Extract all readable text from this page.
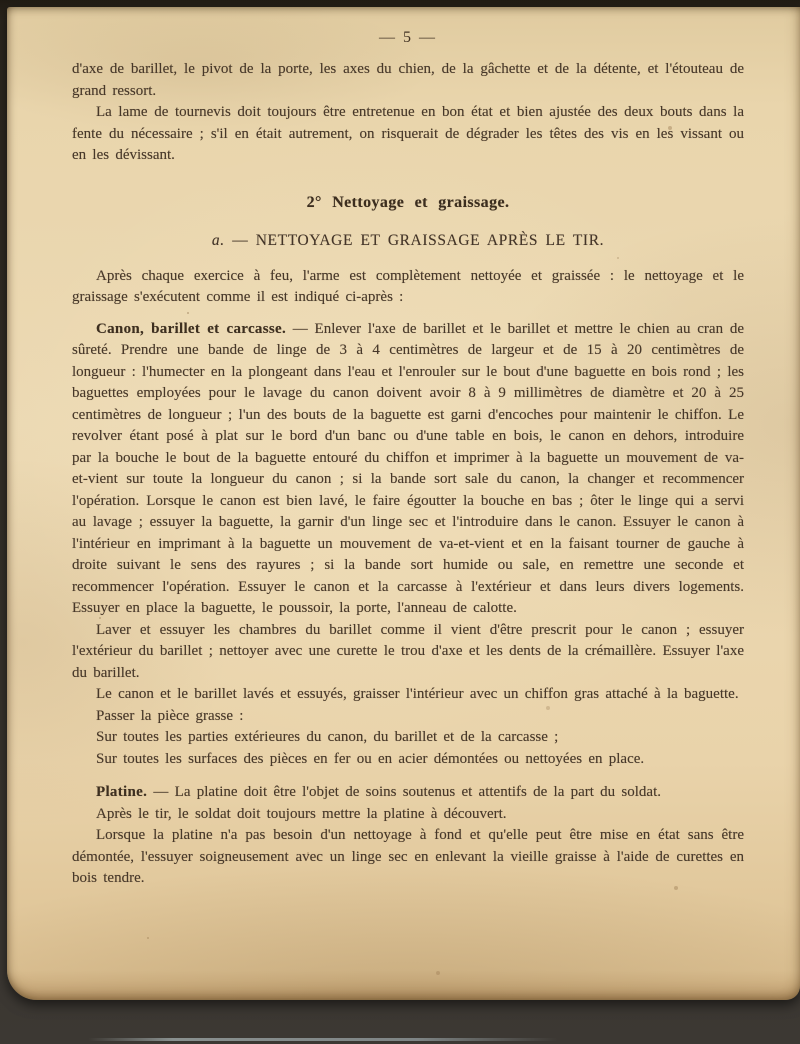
— 5 —

d'axe de barillet, le pivot de la porte, les axes du chien, de la gâchette et de la détente, et l'étouteau de grand ressort.

La lame de tournevis doit toujours être entretenue en bon état et bien ajustée des deux bouts dans la fente du nécessaire ; s'il en était autrement, on risquerait de dégrader les têtes des vis en les vissant ou en les dévissant.

2° Nettoyage et graissage.
a. — NETTOYAGE ET GRAISSAGE APRÈS LE TIR.

Après chaque exercice à feu, l'arme est complètement nettoyée et graissée : le nettoyage et le graissage s'exécutent comme il est indiqué ci-après :

Canon, barillet et carcasse. — Enlever l'axe de barillet et le barillet et mettre le chien au cran de sûreté. Prendre une bande de linge de 3 à 4 centimètres de largeur et de 15 à 20 centimètres de longueur : l'humecter en la plongeant dans l'eau et l'enrouler sur le bout d'une baguette en bois rond ; les baguettes employées pour le lavage du canon doivent avoir 8 à 9 millimètres de diamètre et 20 à 25 centimètres de longueur ; l'un des bouts de la baguette est garni d'encoches pour maintenir le chiffon. Le revolver étant posé à plat sur le bord d'un banc ou d'une table en bois, le canon en dehors, introduire par la bouche le bout de la baguette entouré du chiffon et imprimer à la baguette un mouvement de va-et-vient sur toute la longueur du canon ; si la bande sort sale du canon, la changer et recommencer l'opération. Lorsque le canon est bien lavé, le faire égoutter la bouche en bas ; ôter le linge qui a servi au lavage ; essuyer la baguette, la garnir d'un linge sec et l'introduire dans le canon. Essuyer le canon à l'intérieur en imprimant à la baguette un mouvement de va-et-vient et en la faisant tourner de gauche à droite suivant le sens des rayures ; si la bande sort humide ou sale, en remettre une seconde et recommencer l'opération. Essuyer le canon et la carcasse à l'extérieur et dans leurs divers logements. Essuyer en place la baguette, le poussoir, la porte, l'anneau de calotte.

Laver et essuyer les chambres du barillet comme il vient d'être prescrit pour le canon ; essuyer l'extérieur du barillet ; nettoyer avec une curette le trou d'axe et les dents de la crémaillère. Essuyer l'axe du barillet.

Le canon et le barillet lavés et essuyés, graisser l'intérieur avec un chiffon gras attaché à la baguette.

Passer la pièce grasse :

Sur toutes les parties extérieures du canon, du barillet et de la carcasse ;

Sur toutes les surfaces des pièces en fer ou en acier démontées ou nettoyées en place.

Platine. — La platine doit être l'objet de soins soutenus et attentifs de la part du soldat.

Après le tir, le soldat doit toujours mettre la platine à découvert.

Lorsque la platine n'a pas besoin d'un nettoyage à fond et qu'elle peut être mise en état sans être démontée, l'essuyer soigneusement avec un linge sec en enlevant la vieille graisse à l'aide de curettes en bois tendre.
